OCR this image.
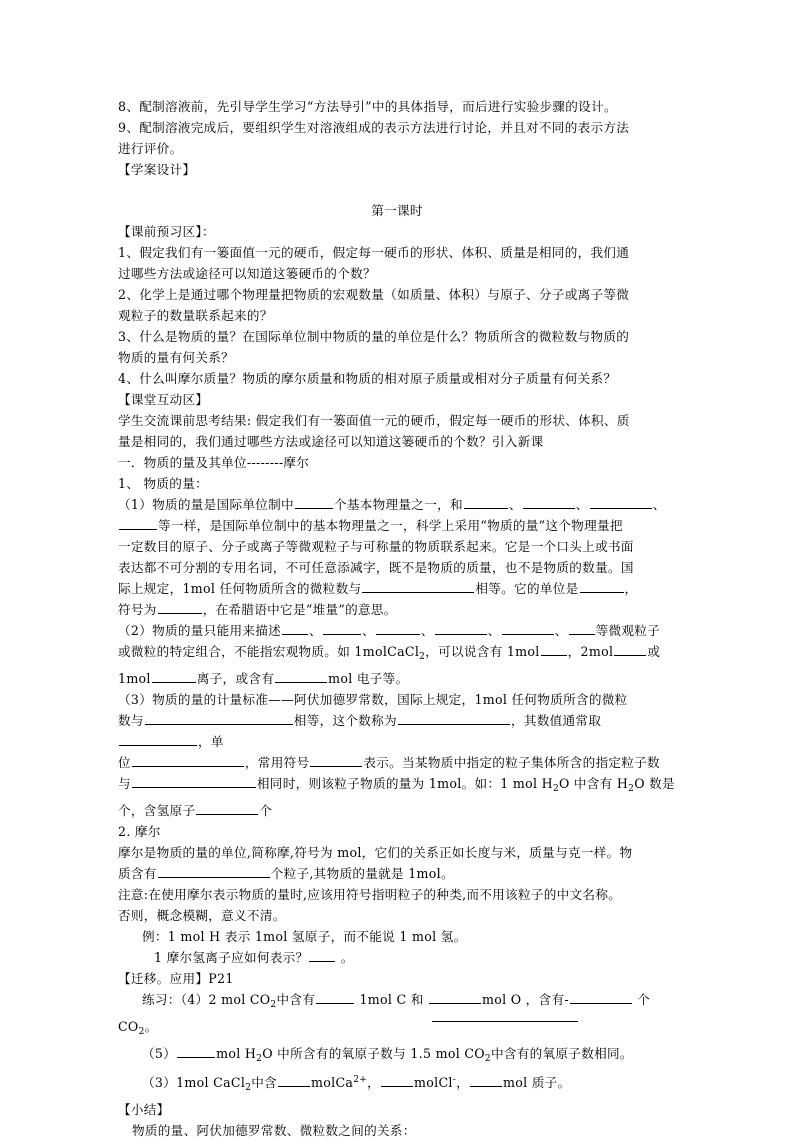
8、配制溶液前，先引导学生学习“方法导引”中的具体指导，而后进行实验步骤的设计。

9、配制溶液完成后，要组织学生对溶液组成的表示方法进行讨论，并且对不同的表示方法

进行评价。

【学案设计】

第一课时

【课前预习区】：

1、假定我们有一篓面值一元的硬币，假定每一硬币的形状、体积、质量是相同的，我们通

过哪些方法或途径可以知道这篓硬币的个数？

2、化学上是通过哪个物理量把物质的宏观数量（如质量、体积）与原子、分子或离子等微

观粒子的数量联系起来的？

3、什么是物质的量？在国际单位制中物质的量的单位是什么？物质所含的微粒数与物质的

物质的量有何关系？

4、什么叫摩尔质量？物质的摩尔质量和物质的相对原子质量或相对分子质量有何关系？

【课堂互动区】

学生交流课前思考结果: 假定我们有一篓面值一元的硬币，假定每一硬币的形状、体积、质

量是相同的，我们通过哪些方法或途径可以知道这篓硬币的个数？引入新课

一．物质的量及其单位--------摩尔

1、 物质的量：

（1）物质的量是国际单位制中	个基本物理量之一，和	、	、	、

等一样，是国际单位制中的基本物理量之一，科学上采用“物质的量”这个物理量把

一定数目的原子、分子或离子等微观粒子与可称量的物质联系起来。它是一个口头上或书面

表达都不可分割的专用名词，不可任意添减字，既不是物质的质量，也不是物质的数量。国

际上规定，1mol 任何物质所含的微粒数与	相等。它的单位是	，

符号为	，在希腊语中它是“堆量”的意思。

（2）物质的量只能用来描述 、	、	、	、	、 等微观粒子

或微粒的特定组合，不能指宏观物质。如 1molCaCl$_2$，可以说含有 1mol ，2mol	或

1mol	离子，或含有	mol 电子等。

（3）物质的量的计量标准——阿伏加德罗常数，国际上规定，1mol 任何物质所含的微粒

数与	相等，这个数称为	，其数值通常取，单

位	，常用符号	表示。当某物质中指定的粒子集体所含的指定粒子数

与	相同时，则该粒子物质的量为 1mol。如：1 mol $H_2O$ 中含有 $H_2O$ 数是

个，含氢原子	个

2. 摩尔

摩尔是物质的量的单位,简称摩,符号为 mol，它们的关系正如长度与米，质量与克一样。物

质含有	个粒子,其物质的量就是 1mol。

注意:在使用摩尔表示物质的量时,应该用符号指明粒子的种类,而不用该粒子的中文名称。

否则，概念模糊，意义不清。

例：1 mol H 表示 1mol 氢原子，而不能说 1 mol 氢。

1 摩尔氢离子应如何表示？	。

【迁移。应用】P21

练习：（4）2 mol $CO_2$中含有	1mol C 和	mol O ，含有-	个

$CO_2$。

（5）	mol $H_2O$ 中所含有的氧原子数与 1.5 mol $CO_2$中含有的氧原子数相同。

（3）1mol CaCl$_2$中含	molCa$^{2+}$，	molCl-，	mol 质子。

【小结】

物质的量、阿伏加德罗常数、微粒数之间的关系：
